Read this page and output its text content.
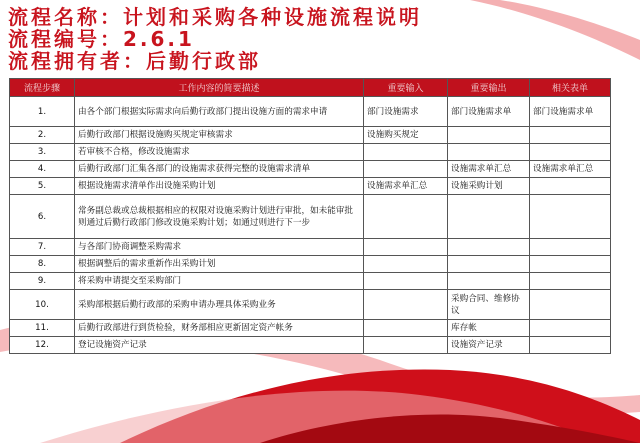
流程名称：计划和采购各种设施流程说明
流程编号：2.6.1
流程拥有者：后勤行政部
流程步骤	工作内容的简要描述	重要输入	重要输出	相关表单
1.	由各个部门根据实际需求向后勤行政部门提出设施方面的需求申请	部门设施需求	部门设施需求单	部门设施需求单
2.	后勤行政部门根据设施购买规定审核需求	设施购买规定		
3.	若审核不合格，修改设施需求			
4.	后勤行政部门汇集各部门的设施需求获得完整的设施需求清单		设施需求单汇总	设施需求单汇总
5.	根据设施需求清单作出设施采购计划	设施需求单汇总	设施采购计划	
6.	常务副总裁或总裁根据相应的权限对设施采购计划进行审批，如未能审批则通过后勤行政部门修改设施采购计划；如通过则进行下一步			
7.	与各部门协商调整采购需求			
8.	根据调整后的需求重新作出采购计划			
9.	将采购申请提交至采购部门			
10.	采购部根据后勤行政部的采购申请办理具体采购业务		采购合同、维修协议	
11.	后勤行政部进行到货检验，财务部相应更新固定资产帐务		库存帐	
12.	登记设施资产记录		设施资产记录	
